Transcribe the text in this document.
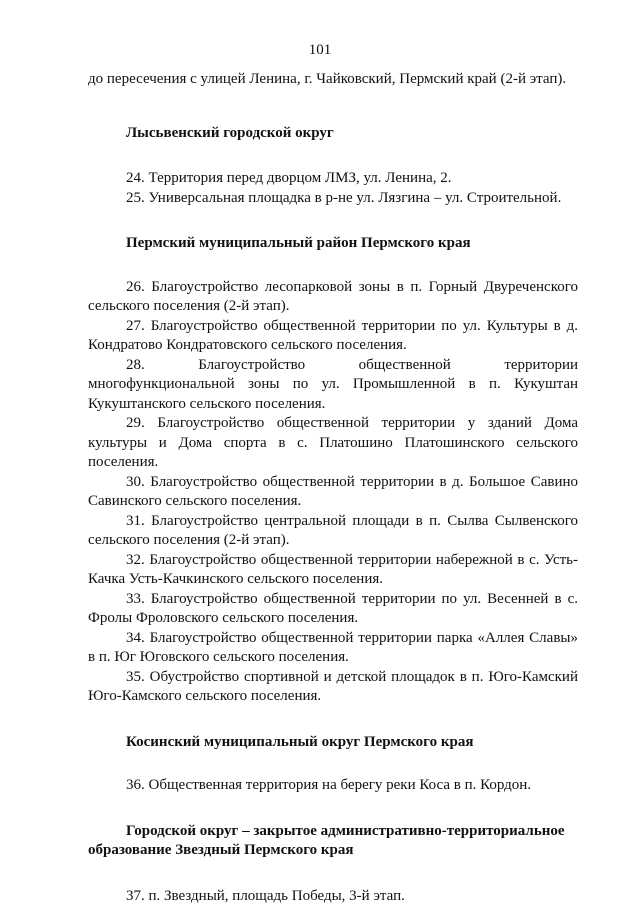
101

до пересечения с улицей Ленина, г. Чайковский, Пермский край (2-й этап).

Лысьвенский городской округ

24. Территория перед дворцом ЛМЗ, ул. Ленина, 2.

25. Универсальная площадка в р-не ул. Лязгина – ул. Строительной.

Пермский муниципальный район Пермского края

26. Благоустройство лесопарковой зоны в п. Горный Двуреченского сельского поселения (2-й этап).

27. Благоустройство общественной территории по ул. Культуры в д. Кондратово Кондратовского сельского поселения.

28. Благоустройство общественной территории многофункциональной зоны по ул. Промышленной в п. Кукуштан Кукуштанского сельского поселения.

29. Благоустройство общественной территории у зданий Дома культуры и Дома спорта в с. Платошино Платошинского сельского поселения.

30. Благоустройство общественной территории в д. Большое Савино Савинского сельского поселения.

31. Благоустройство центральной площади в п. Сылва Сылвенского сельского поселения (2-й этап).

32. Благоустройство общественной территории набережной в с. Усть-Качка Усть-Качкинского сельского поселения.

33. Благоустройство общественной территории по ул. Весенней в с. Фролы Фроловского сельского поселения.

34. Благоустройство общественной территории парка «Аллея Славы» в п. Юг Юговского сельского поселения.

35. Обустройство спортивной и детской площадок в п. Юго-Камский Юго-Камского сельского поселения.

Косинский муниципальный округ Пермского края

36. Общественная территория на берегу реки Коса в п. Кордон.

Городской округ – закрытое административно-территориальное образование Звездный Пермского края

37. п. Звездный, площадь Победы, 3-й этап.
